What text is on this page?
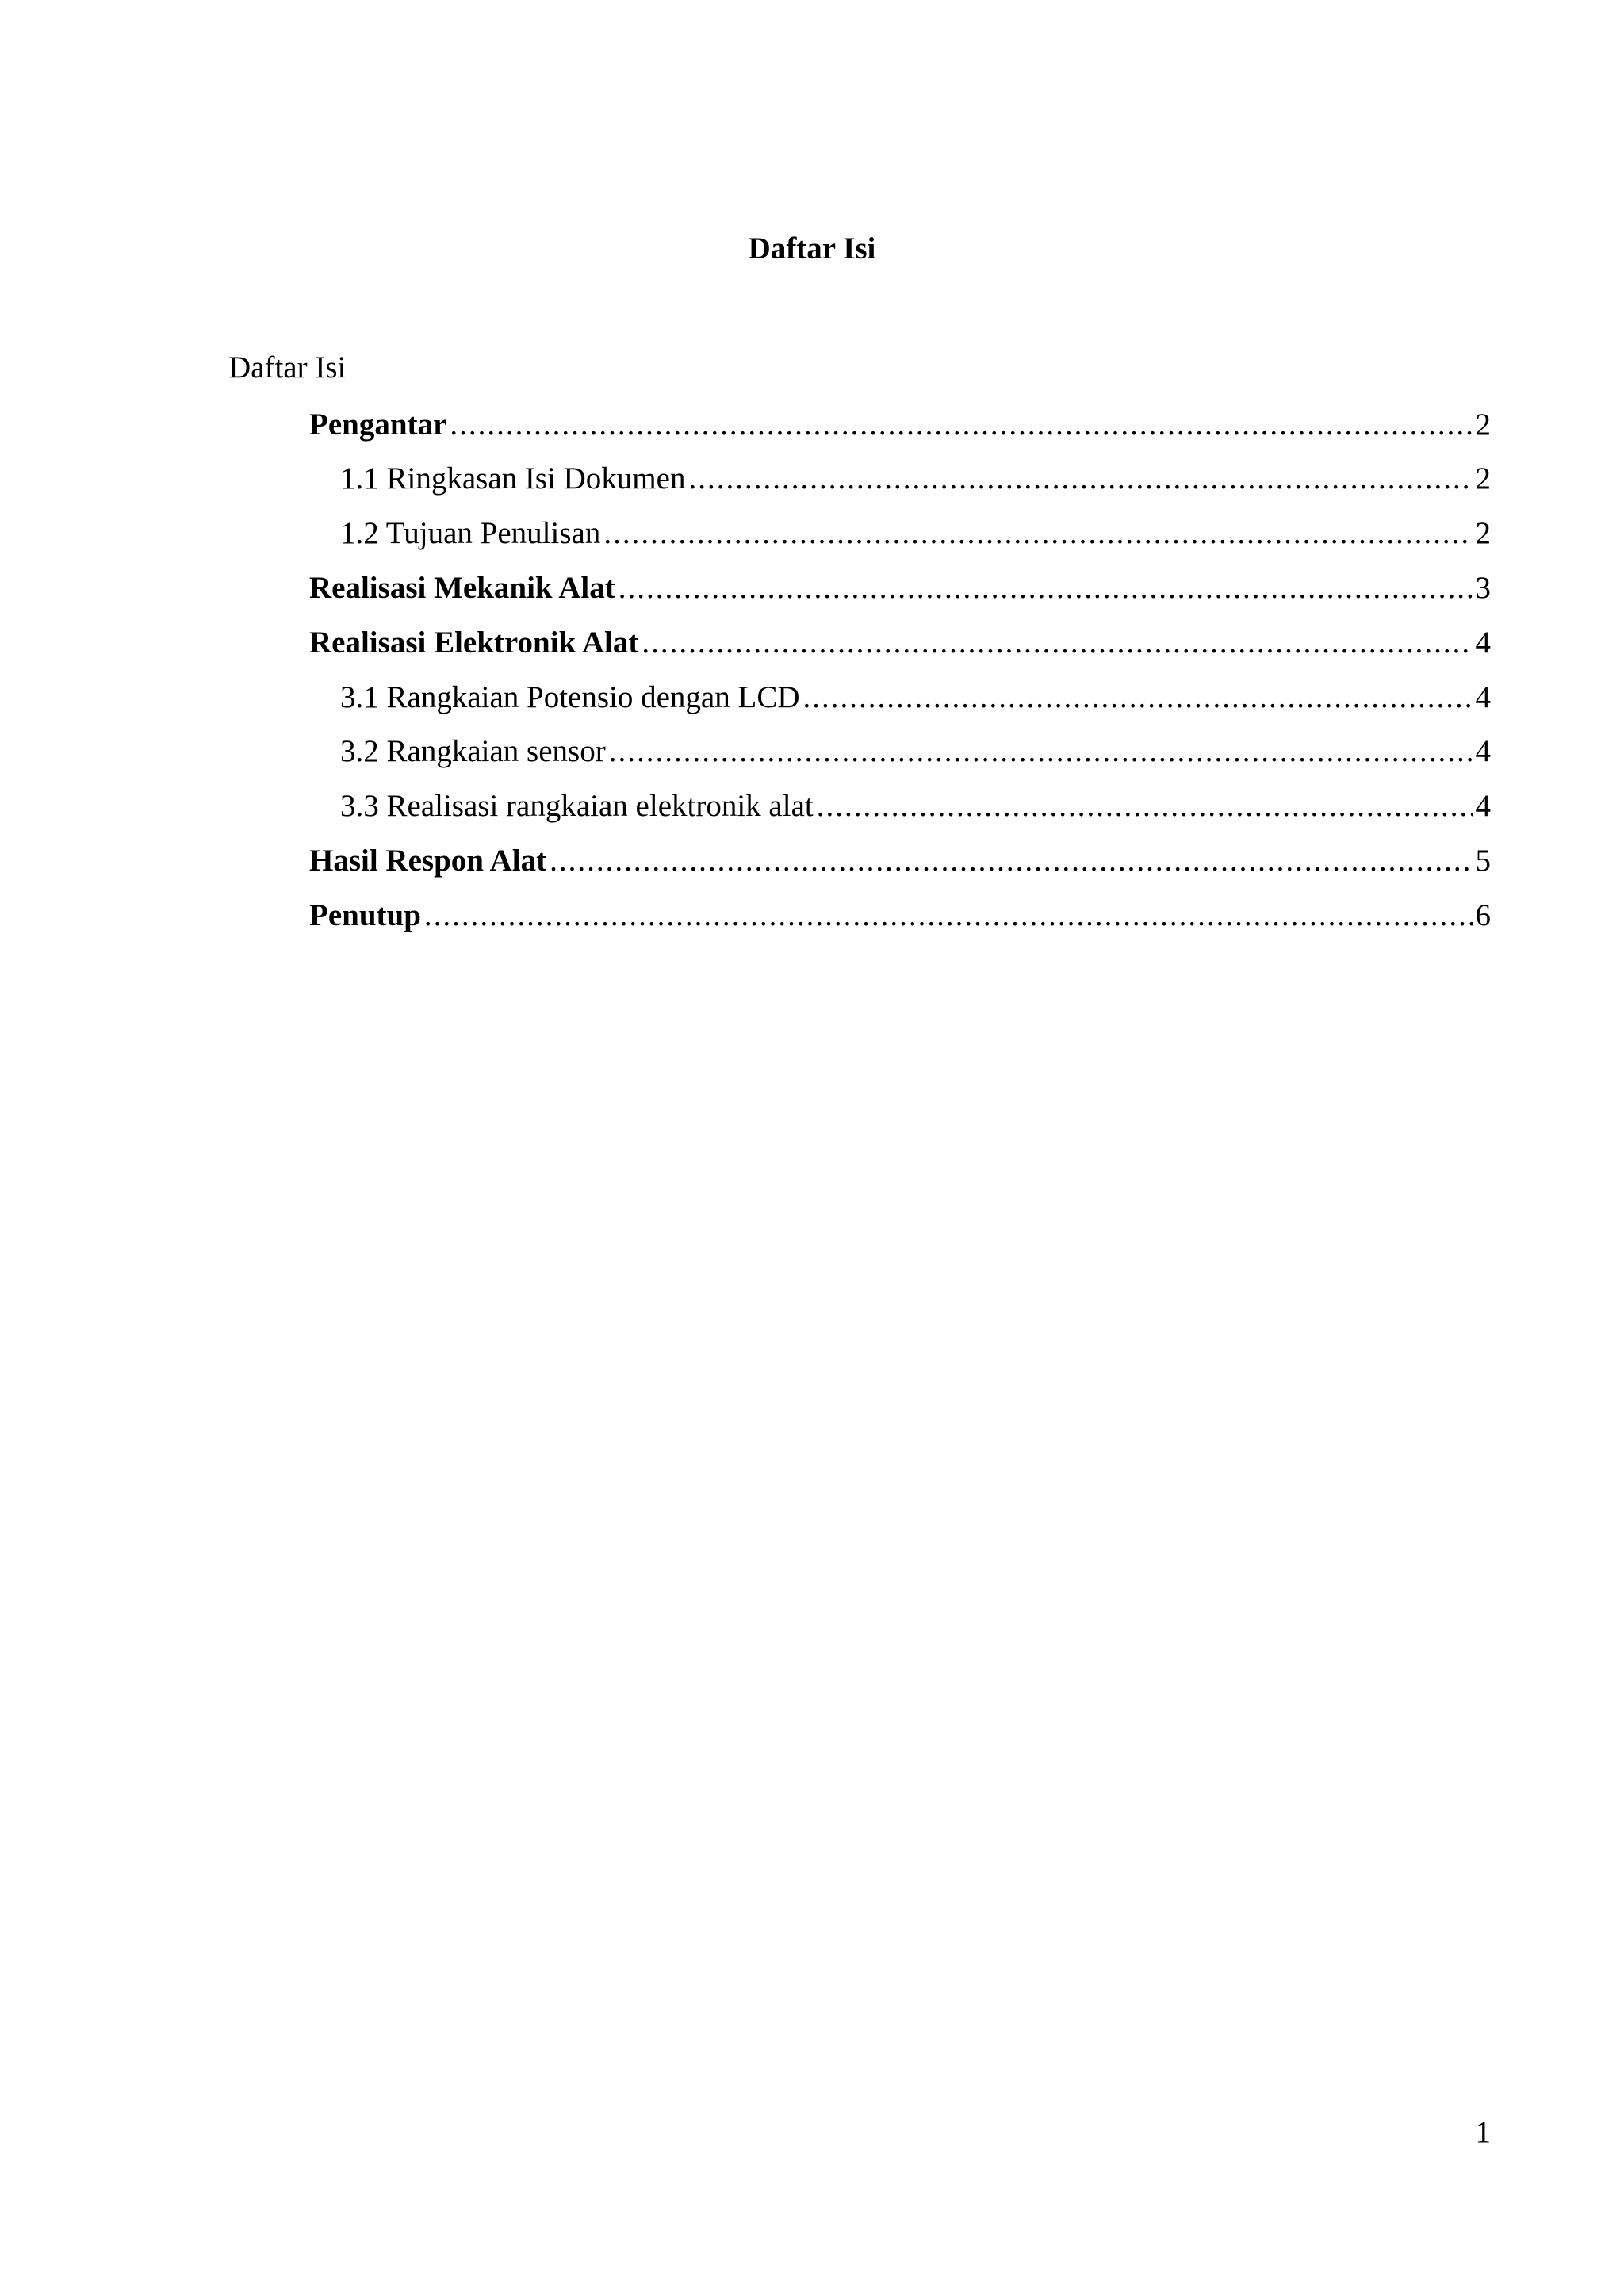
Daftar Isi
Daftar Isi
Pengantar .....	2
1.1 Ringkasan Isi Dokumen .....	2
1.2 Tujuan Penulisan .....	2
Realisasi Mekanik Alat .....	3
Realisasi Elektronik Alat .....	4
3.1 Rangkaian Potensio dengan LCD .....	4
3.2 Rangkaian sensor .....	4
3.3 Realisasi rangkaian elektronik alat .....	4
Hasil Respon Alat .....	5
Penutup .....	6
1
